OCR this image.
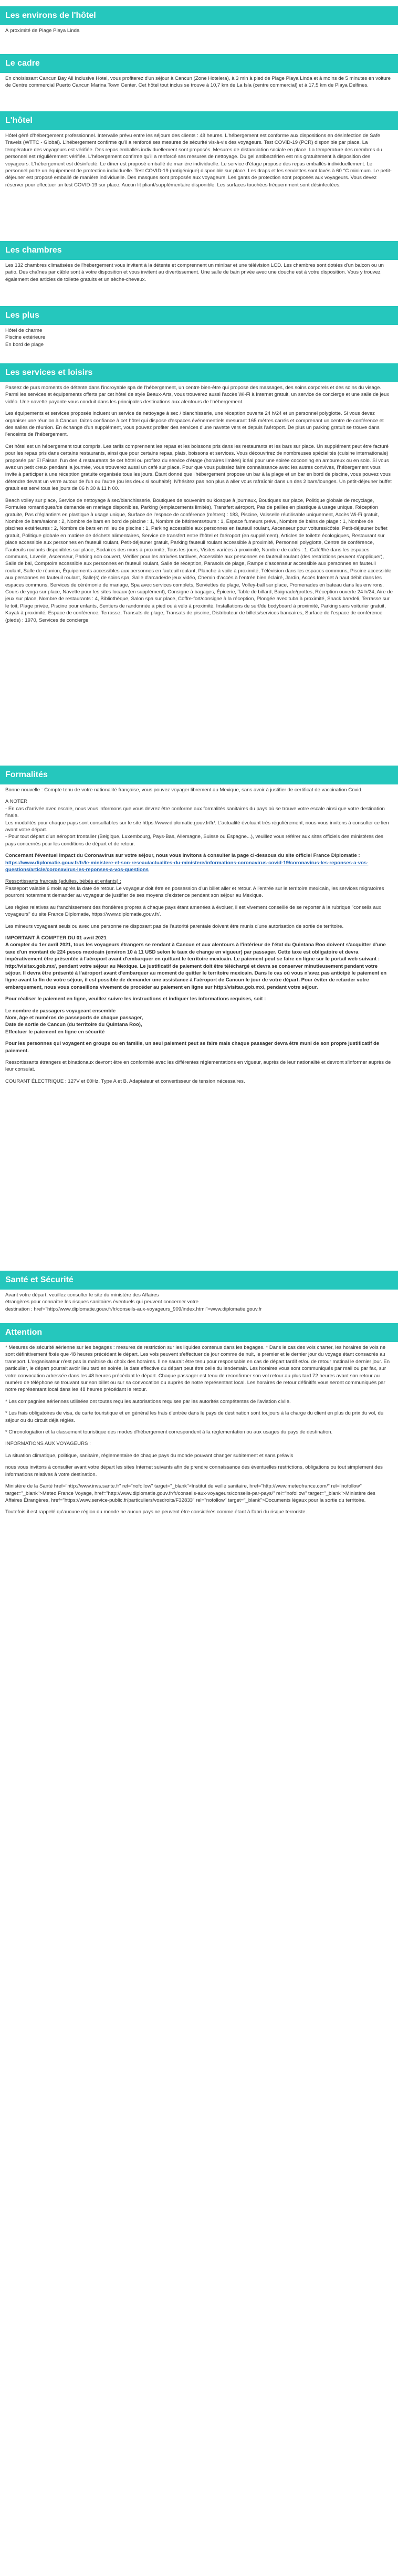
Les environs de l'hôtel

À proximité de Plage Playa Linda

Le cadre

En choisissant Cancun Bay All Inclusive Hotel, vous profiterez d'un séjour à Cancun (Zone Hotelera), à 3 min à pied de Plage Playa Linda et à moins de 5 minutes en voiture de Centre commercial Puerto Cancun Marina Town Center. Cet hôtel tout inclus se trouve à 10,7 km de La Isla (centre commercial) et à 17,5 km de Playa Delfines.

L'hôtel

Hôtel géré d'hébergement professionnel. Intervalle prévu entre les séjours des clients : 48 heures. L'hébergement est conforme aux dispositions en désinfection de Safe Travels (WTTC - Global). L'hébergement confirme qu'il a renforcé ses mesures de sécurité vis-à-vis des voyageurs. Test COVID-19 (PCR) disponible par place. La température des voyageurs est vérifiée. Des repas emballés individuellement sont proposés. Mesures de distanciation sociale en place. La température des membres du personnel est régulièrement vérifiée. L'hébergement confirme qu'il a renforcé ses mesures de nettoyage. Du gel antibactérien est mis gratuitement à disposition des voyageurs. L'hébergement est désinfecté. Le dîner est proposé emballé de manière individuelle. Le service d'étage propose des repas emballés individuellement. Le personnel porte un équipement de protection individuelle. Test COVID-19 (antigénique) disponible sur place. Les draps et les serviettes sont lavés à 60 °C minimum. Le petit-déjeuner est proposé emballé de manière individuelle. Des masques sont proposés aux voyageurs. Les gants de protection sont proposés aux voyageurs. Vous devez réserver pour effectuer un test COVID-19 sur place. Aucun lit pliant/supplémentaire disponible. Les surfaces touchées fréquemment sont désinfectées.

Les chambres

Les 132 chambres climatisées de l'hébergement vous invitent à la détente et comprennent un minibar et une télévision LCD. Les chambres sont dotées d'un balcon ou un patio. Des chaînes par câble sont à votre disposition et vous invitent au divertissement. Une salle de bain privée avec une douche est à votre disposition. Vous y trouvez également des articles de toilette gratuits et un sèche-cheveux.

Les plus

Hôtel de charme
Piscine extérieure
En bord de plage

Les services et loisirs

Passez de purs moments de détente dans l'incroyable spa de l'hébergement, un centre bien-être qui propose des massages, des soins corporels et des soins du visage. Parmi les services et équipements offerts par cet hôtel de style Beaux-Arts, vous trouverez aussi l'accès Wi-Fi à Internet gratuit, un service de concierge et une salle de jeux vidéo. Une navette payante vous conduit dans les principales destinations aux alentours de l'hébergement.

Les équipements et services proposés incluent un service de nettoyage à sec / blanchisserie, une réception ouverte 24 h/24 et un personnel polyglotte. Si vous devez organiser une réunion à Cancun, faites confiance à cet hôtel qui dispose d'espaces événementiels mesurant 165 mètres carrés et comprenant un centre de conférence et des salles de réunion. En échange d'un supplément, vous pouvez profiter des services d'une navette vers et depuis l'aéroport. De plus un parking gratuit se trouve dans l'enceinte de l'hébergement.

Cet hôtel est un hébergement tout compris. Les tarifs comprennent les repas et les boissons pris dans les restaurants et les bars sur place. Un supplément peut être facturé pour les repas pris dans certains restaurants, ainsi que pour certains repas, plats, boissons et services. Vous découvrirez de nombreuses spécialités (cuisine internationale) proposée par El Faisan, l'un des 4 restaurants de cet hôtel ou profitez du service d'étage (horaires limités) idéal pour une soirée cocooning en amoureux ou en solo. Si vous avez un petit creux pendant la journée, vous trouverez aussi un café sur place. Pour que vous puissiez faire connaissance avec les autres convives, l'hébergement vous invite à participer à une réception gratuite organisée tous les jours. Étant donné que l'hébergement propose un bar à la plage et un bar en bord de piscine, vous pouvez vous détendre devant un verre autour de l'un ou l'autre (ou les deux si souhaité). N'hésitez pas non plus à aller vous rafraîchir dans un des 2 bars/lounges. Un petit-déjeuner buffet gratuit est servi tous les jours de 06 h 30 à 11 h 00.

Beach volley sur place, Service de nettoyage à sec/blanchisserie, Boutiques de souvenirs ou kiosque à journaux, Boutiques sur place, Politique globale de recyclage, Formules romantiques/de demande en mariage disponibles, Parking (emplacements limités), Transfert aéroport, Pas de pailles en plastique à usage unique, Réception gratuite, Pas d'églantiers en plastique à usage unique, Surface de l'espace de conférence (mètres) : 183, Piscine, Vaisselle réutilisable uniquement, Accès Wi-Fi gratuit, Nombre de bars/salons : 2, Nombre de bars en bord de piscine : 1, Nombre de bâtiments/tours : 1, Espace fumeurs prévu, Nombre de bains de plage : 1, Nombre de piscines extérieures : 2, Nombre de bars en milieu de piscine : 1, Parking accessible aux personnes en fauteuil roulant, Ascenseur pour voitures/côtés, Petit-déjeuner buffet gratuit, Politique globale en matière de déchets alimentaires, Service de transfert entre l'hôtel et l'aéroport (en supplément), Articles de toilette écologiques, Restaurant sur place accessible aux personnes en fauteuil roulant, Petit-déjeuner gratuit, Parking fauteuil roulant accessible à proximité, Personnel polyglotte, Centre de conférence, Fauteuils roulants disponibles sur place, Sodaires des murs à proximité, Tous les jours, Visites variées à proximité, Nombre de cafés : 1, Café/thé dans les espaces communs, Laverie, Ascenseur, Parking non couvert, Vérifier pour les arrivées tardives, Accessible aux personnes en fauteuil roulant (des restrictions peuvent s'appliquer), Salle de bal, Comptoirs accessible aux personnes en fauteuil roulant, Salle de réception, Parasols de plage, Rampe d'ascenseur accessible aux personnes en fauteuil roulant, Salle de réunion, Équipements accessibles aux personnes en fauteuil roulant, Planche à voile à proximité, Télévision dans les espaces communs, Piscine accessible aux personnes en fauteuil roulant, Salle(s) de soins spa, Salle d'arcade/de jeux vidéo, Chemin d'accès à l'entrée bien éclairé, Jardin, Accès Internet à haut débit dans les espaces communs, Services de cérémonie de mariage, Spa avec services complets, Serviettes de plage, Volley-ball sur place, Promenades en bateau dans les environs, Cours de yoga sur place, Navette pour les sites locaux (en supplément), Consigne à bagages, Épicerie, Table de billard, Baignade/grottes, Réception ouverte 24 h/24, Aire de jeux sur place, Nombre de restaurants : 4, Bibliothèque, Salon spa sur place, Coffre-fort/consigne à la réception, Plongée avec tuba à proximité, Snack bar/deli, Terrasse sur le toit, Plage privée, Piscine pour enfants, Sentiers de randonnée à pied ou à vélo à proximité, Installations de surf/de bodyboard à proximité, Parking sans voiturier gratuit, Kayak à proximité, Espace de conférence, Terrasse, Transats de plage, Transats de piscine, Distributeur de billets/services bancaires, Surface de l'espace de conférence (pieds) : 1970, Services de concierge

Formalités

Bonne nouvelle : Compte tenu de votre nationalité française, vous pouvez voyager librement au Mexique, sans avoir à justifier de certificat de vaccination Covid.

A NOTER
- En cas d'arrivée avec escale, nous vous informons que vous devrez être conforme aux formalités sanitaires du pays où se trouve votre escale ainsi que votre destination finale.
Les modalités pour chaque pays sont consultables sur le site https://www.diplomatie.gouv.fr/fr/. L'actualité évoluant très régulièrement, nous vous invitons à consulter ce lien avant votre départ.
- Pour tout départ d'un aéroport frontalier (Belgique, Luxembourg, Pays-Bas, Allemagne, Suisse ou Espagne...), veuillez vous référer aux sites officiels des ministères des pays concernés pour les conditions de départ et de retour.

Concernant l'éventuel impact du Coronavirus sur votre séjour, nous vous invitons à consulter la page ci-dessous du site officiel France Diplomatie :
https://www.diplomatie.gouv.fr/fr/le-ministere-et-son-reseau/actualites-du-ministere/informations-coronavirus-covid-19/coronavirus-les-reponses-a-vos-questions/article/coronavirus-les-reponses-a-vos-questions

Ressortissants français (adultes, bébés et enfants) :
Passeport valable 6 mois après la date de retour. Le voyageur doit être en possession d'un billet aller et retour. A l'entrée sur le territoire mexicain, les services migratoires pourront notamment demander au voyageur de justifier de ses moyens d'existence pendant son séjour au Mexique.

Les règles relatives au franchissement des frontières propres à chaque pays étant amenées à évoluer, il est vivement conseillé de se reporter à la rubrique "conseils aux voyageurs" du site France Diplomatie, https://www.diplomatie.gouv.fr/.

Les mineurs voyageant seuls ou avec une personne ne disposant pas de l'autorité parentale doivent être munis d'une autorisation de sortie de territoire.

IMPORTANT À COMPTER DU 01 avril 2021
A compter du 1er avril 2021, tous les voyageurs étrangers se rendant à Cancun et aux alentours à l'intérieur de l'état du Quintana Roo doivent s'acquitter d'une taxe d'un montant de 224 pesos mexicain (environ 10 à 11 USD selon le taux de change en vigueur) par passager. Cette taxe est obligatoire et devra impérativement être présentée à l'aéroport avant d'embarquer en quittant le territoire mexicain. Le paiement peut se faire en ligne sur le portail web suivant : http://visitax.gob.mx/, pendant votre séjour au Mexique. Le justificatif de paiement doit être téléchargé et devra se conserver minutieusement pendant votre séjour. Il devra être présenté à l'aéroport avant d'embarquer au moment de quitter le territoire mexicain. Dans le cas où vous n'avez pas anticipé le paiement en ligne avant la fin de votre séjour, il est possible de demander une assistance à l'aéroport de Cancun le jour de votre départ. Pour éviter de retarder votre embarquement, nous vous conseillons vivement de procéder au paiement en ligne sur http://visitax.gob.mx/, pendant votre séjour.

Pour réaliser le paiement en ligne, veuillez suivre les instructions et indiquer les informations requises, soit :

Le nombre de passagers voyageant ensemble
Nom, âge et numéros de passeports de chaque passager,
Date de sortie de Cancun (du territoire du Quintana Roo),
Effectuer le paiement en ligne en sécurité

Pour les personnes qui voyagent en groupe ou en famille, un seul paiement peut se faire mais chaque passager devra être muni de son propre justificatif de paiement.

Ressortissants étrangers et binationaux devront être en conformité avec les différentes réglementations en vigueur, auprès de leur nationalité et devront s'informer auprès de leur consulat.

COURANT ÉLECTRIQUE : 127V et 60Hz. Type A et B. Adaptateur et convertisseur de tension nécessaires.

Santé et Sécurité

Avant votre départ, veuillez consulter le site du ministère des Affaires
étrangères pour connaître les risques sanitaires éventuels qui peuvent concerner votre
destination : href="http://www.diplomatie.gouv.fr/fr/conseils-aux-voyageurs_909/index.html">www.diplomatie.gouv.fr

Attention

* Mesures de sécurité aérienne sur les bagages : mesures de restriction sur les liquides contenus dans les bagages. * Dans le cas des vols charter, les horaires de vols ne sont définitivement fixés que 48 heures précédant le départ. Les vols peuvent s'effectuer de jour comme de nuit, le premier et le dernier jour du voyage étant consacrés au transport. L'organisateur n'est pas la maîtrise du choix des horaires. Il ne saurait être tenu pour responsable en cas de départ tardif et/ou de retour matinal le dernier jour. En particulier, le départ pourrait avoir lieu tard en soirée, la date effective du départ peut être celle du lendemain. Les horaires vous sont communiqués par mail ou par fax, sur votre convocation adressée dans les 48 heures précédant le départ. Chaque passager est tenu de reconfirmer son vol retour au plus tard 72 heures avant son retour au numéro de téléphone se trouvant sur son billet ou sur sa convocation ou auprès de notre représentant local. Les horaires de retour définitifs vous seront communiqués par notre représentant local dans les 48 heures précédant le retour.

* Les compagnies aériennes utilisées ont toutes reçu les autorisations requises par les autorités compétentes de l'aviation civile.

* Les frais obligatoires de visa, de carte touristique et en général les frais d'entrée dans le pays de destination sont toujours à la charge du client en plus du prix du vol, du séjour ou du circuit déjà réglés.

* Chronologiation et la classement touristique des modes d'hébergement correspondent à la réglementation ou aux usages du pays de destination.

INFORMATIONS AUX VOYAGEURS :

La situation climatique, politique, sanitaire, réglementaire de chaque pays du monde pouvant changer subitement et sans préavis

nous vous invitons à consulter avant votre départ les sites Internet suivants afin de prendre connaissance des éventuelles restrictions, obligations ou tout simplement des informations relatives à votre destination.

Ministère de la Santé href="http://www.invs.sante.fr" rel="nofollow" target="_blank">Institut de veille sanitaire, href="http://www.meteofrance.com/" rel="nofollow" target="_blank">Meteo France Voyage, href="http://www.diplomatie.gouv.fr/fr/conseils-aux-voyageurs/conseils-par-pays/" rel="nofollow" target="_blank">Ministère des Affaires Étrangères, href="https://www.service-public.fr/particuliers/vosdroits/F32833" rel="nofollow" target="_blank">Documents légaux pour la sortie du territoire.

Toutefois il est rappelé qu'aucune région du monde ne aucun pays ne peuvent être considérés comme étant à l'abri du risque terroriste.
